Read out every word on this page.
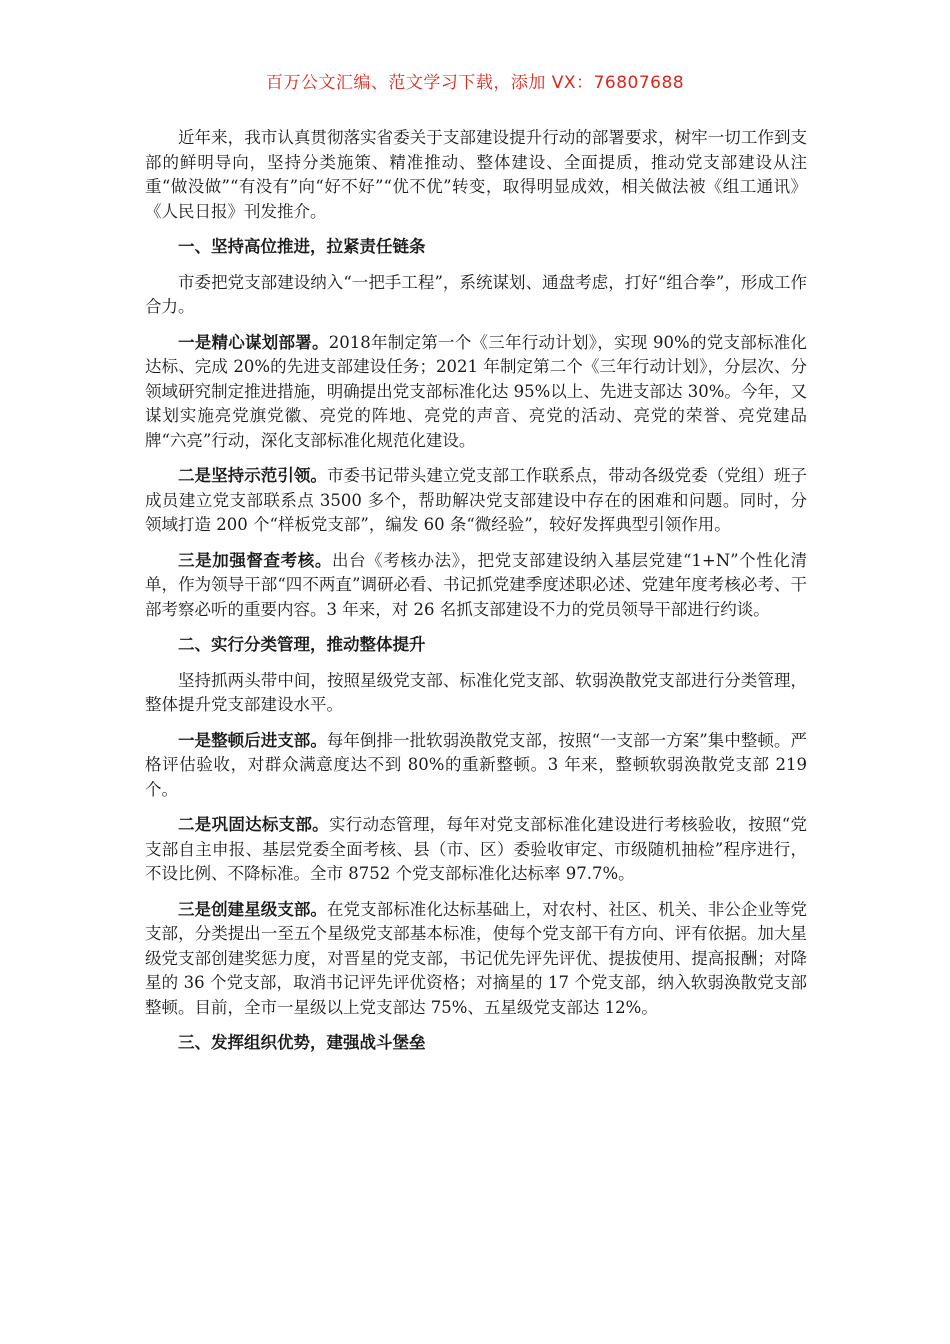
百万公文汇编、范文学习下载，添加 VX：76807688

近年来，我市认真贯彻落实省委关于支部建设提升行动的部署要求，树牢一切工作到支部的鲜明导向，坚持分类施策、精准推动、整体建设、全面提质，推动党支部建设从注重“做没做”“有没有”向“好不好”“优不优”转变，取得明显成效，相关做法被《组工通讯》《人民日报》刊发推介。

一、坚持高位推进，拉紧责任链条

市委把党支部建设纳入“一把手工程”，系统谋划、通盘考虑，打好“组合拳”，形成工作合力。

一是精心谋划部署。2018年制定第一个《三年行动计划》，实现 90%的党支部标准化达标、完成 20%的先进支部建设任务；2021 年制定第二个《三年行动计划》，分层次、分领域研究制定推进措施，明确提出党支部标准化达 95%以上、先进支部达 30%。今年，又谋划实施亮党旗党徽、亮党的阵地、亮党的声音、亮党的活动、亮党的荣誉、亮党建品牌“六亮”行动，深化支部标准化规范化建设。

二是坚持示范引领。市委书记带头建立党支部工作联系点，带动各级党委（党组）班子成员建立党支部联系点 3500 多个，帮助解决党支部建设中存在的困难和问题。同时，分领域打造 200 个“样板党支部”，编发 60 条“微经验”，较好发挥典型引领作用。

三是加强督查考核。出台《考核办法》，把党支部建设纳入基层党建“1+N”个性化清单，作为领导干部“四不两直”调研必看、书记抓党建季度述职必述、党建年度考核必考、干部考察必听的重要内容。3 年来，对 26 名抓支部建设不力的党员领导干部进行约谈。

二、实行分类管理，推动整体提升

坚持抓两头带中间，按照星级党支部、标准化党支部、软弱涣散党支部进行分类管理，整体提升党支部建设水平。

一是整顿后进支部。每年倒排一批软弱涣散党支部，按照“一支部一方案”集中整顿。严格评估验收，对群众满意度达不到 80%的重新整顿。3 年来，整顿软弱涣散党支部 219 个。

二是巩固达标支部。实行动态管理，每年对党支部标准化建设进行考核验收，按照“党支部自主申报、基层党委全面考核、县（市、区）委验收审定、市级随机抽检”程序进行，不设比例、不降标准。全市 8752 个党支部标准化达标率 97.7%。

三是创建星级支部。在党支部标准化达标基础上，对农村、社区、机关、非公企业等党支部，分类提出一至五个星级党支部基本标准，使每个党支部干有方向、评有依据。加大星级党支部创建奖惩力度，对晋星的党支部，书记优先评先评优、提拔使用、提高报酬；对降星的 36 个党支部，取消书记评先评优资格；对摘星的 17 个党支部，纳入软弱涣散党支部整顿。目前，全市一星级以上党支部达 75%、五星级党支部达 12%。

三、发挥组织优势，建强战斗堡垒
